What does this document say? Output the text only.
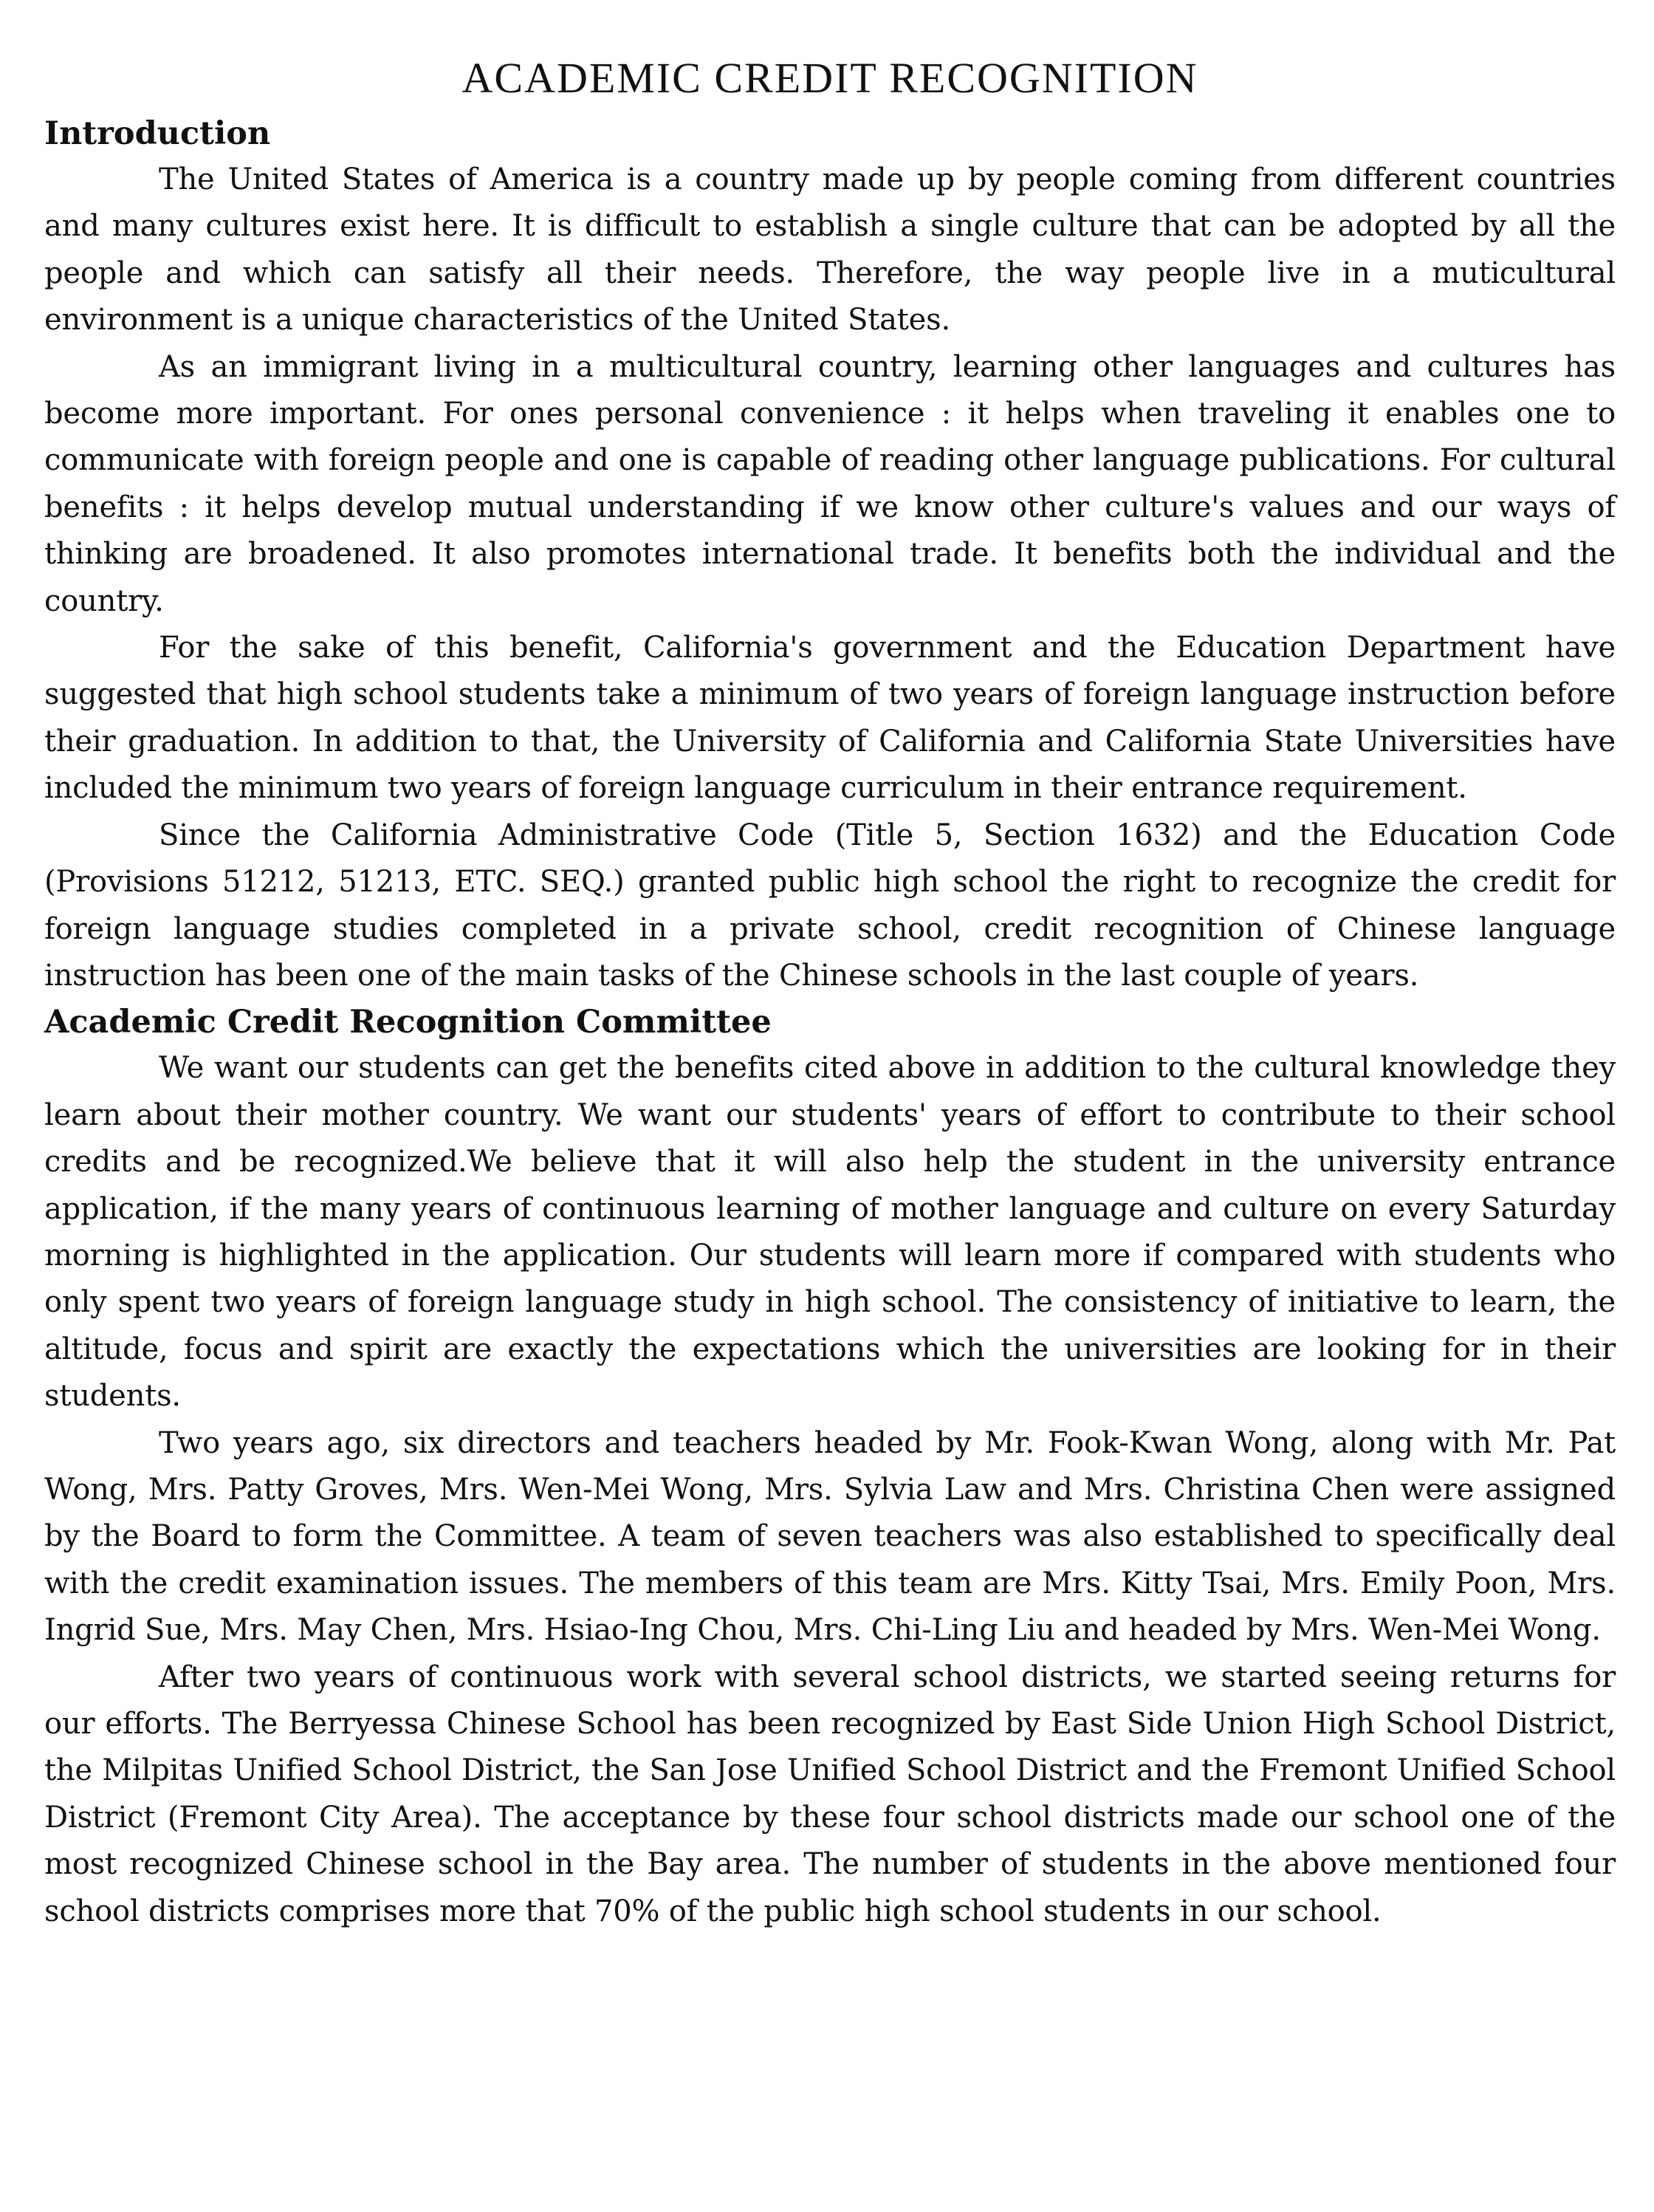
ACADEMIC CREDIT RECOGNITION
Introduction

The United States of America is a country made up by people coming from different countries and many cultures exist here. It is difficult to establish a single culture that can be adopted by all the people and which can satisfy all their needs. Therefore, the way people live in a muticultural environment is a unique characteristics of the United States.

As an immigrant living in a multicultural country, learning other languages and cultures has become more important. For ones personal convenience : it helps when traveling it enables one to communicate with foreign people and one is capable of reading other language publications. For cultural benefits : it helps develop mutual understanding if we know other culture's values and our ways of thinking are broadened. It also promotes international trade. It benefits both the individual and the country.

For the sake of this benefit, California's government and the Education Department have suggested that high school students take a minimum of two years of foreign language instruction before their graduation. In addition to that, the University of California and California State Universities have included the minimum two years of foreign language curriculum in their entrance requirement.

Since the California Administrative Code (Title 5, Section 1632) and the Education Code (Provisions 51212, 51213, ETC. SEQ.) granted public high school the right to recognize the credit for foreign language studies completed in a private school, credit recognition of Chinese language instruction has been one of the main tasks of the Chinese schools in the last couple of years.

Academic Credit Recognition Committee

We want our students can get the benefits cited above in addition to the cultural knowledge they learn about their mother country. We want our students' years of effort to contribute to their school credits and be recognized.We believe that it will also help the student in the university entrance application, if the many years of continuous learning of mother language and culture on every Saturday morning is highlighted in the application. Our students will learn more if compared with students who only spent two years of foreign language study in high school. The consistency of initiative to learn, the altitude, focus and spirit are exactly the expectations which the universities are looking for in their students.

Two years ago, six directors and teachers headed by Mr. Fook-Kwan Wong, along with Mr. Pat Wong, Mrs. Patty Groves, Mrs. Wen-Mei Wong, Mrs. Sylvia Law and Mrs. Christina Chen were assigned by the Board to form the Committee. A team of seven teachers was also established to specifically deal with the credit examination issues. The members of this team are Mrs. Kitty Tsai, Mrs. Emily Poon, Mrs. Ingrid Sue, Mrs. May Chen, Mrs. Hsiao-Ing Chou, Mrs. Chi-Ling Liu and headed by Mrs. Wen-Mei Wong.

After two years of continuous work with several school districts, we started seeing returns for our efforts. The Berryessa Chinese School has been recognized by East Side Union High School District, the Milpitas Unified School District, the San Jose Unified School District and the Fremont Unified School District (Fremont City Area). The acceptance by these four school districts made our school one of the most recognized Chinese school in the Bay area. The number of students in the above mentioned four school districts comprises more that 70% of the public high school students in our school.
